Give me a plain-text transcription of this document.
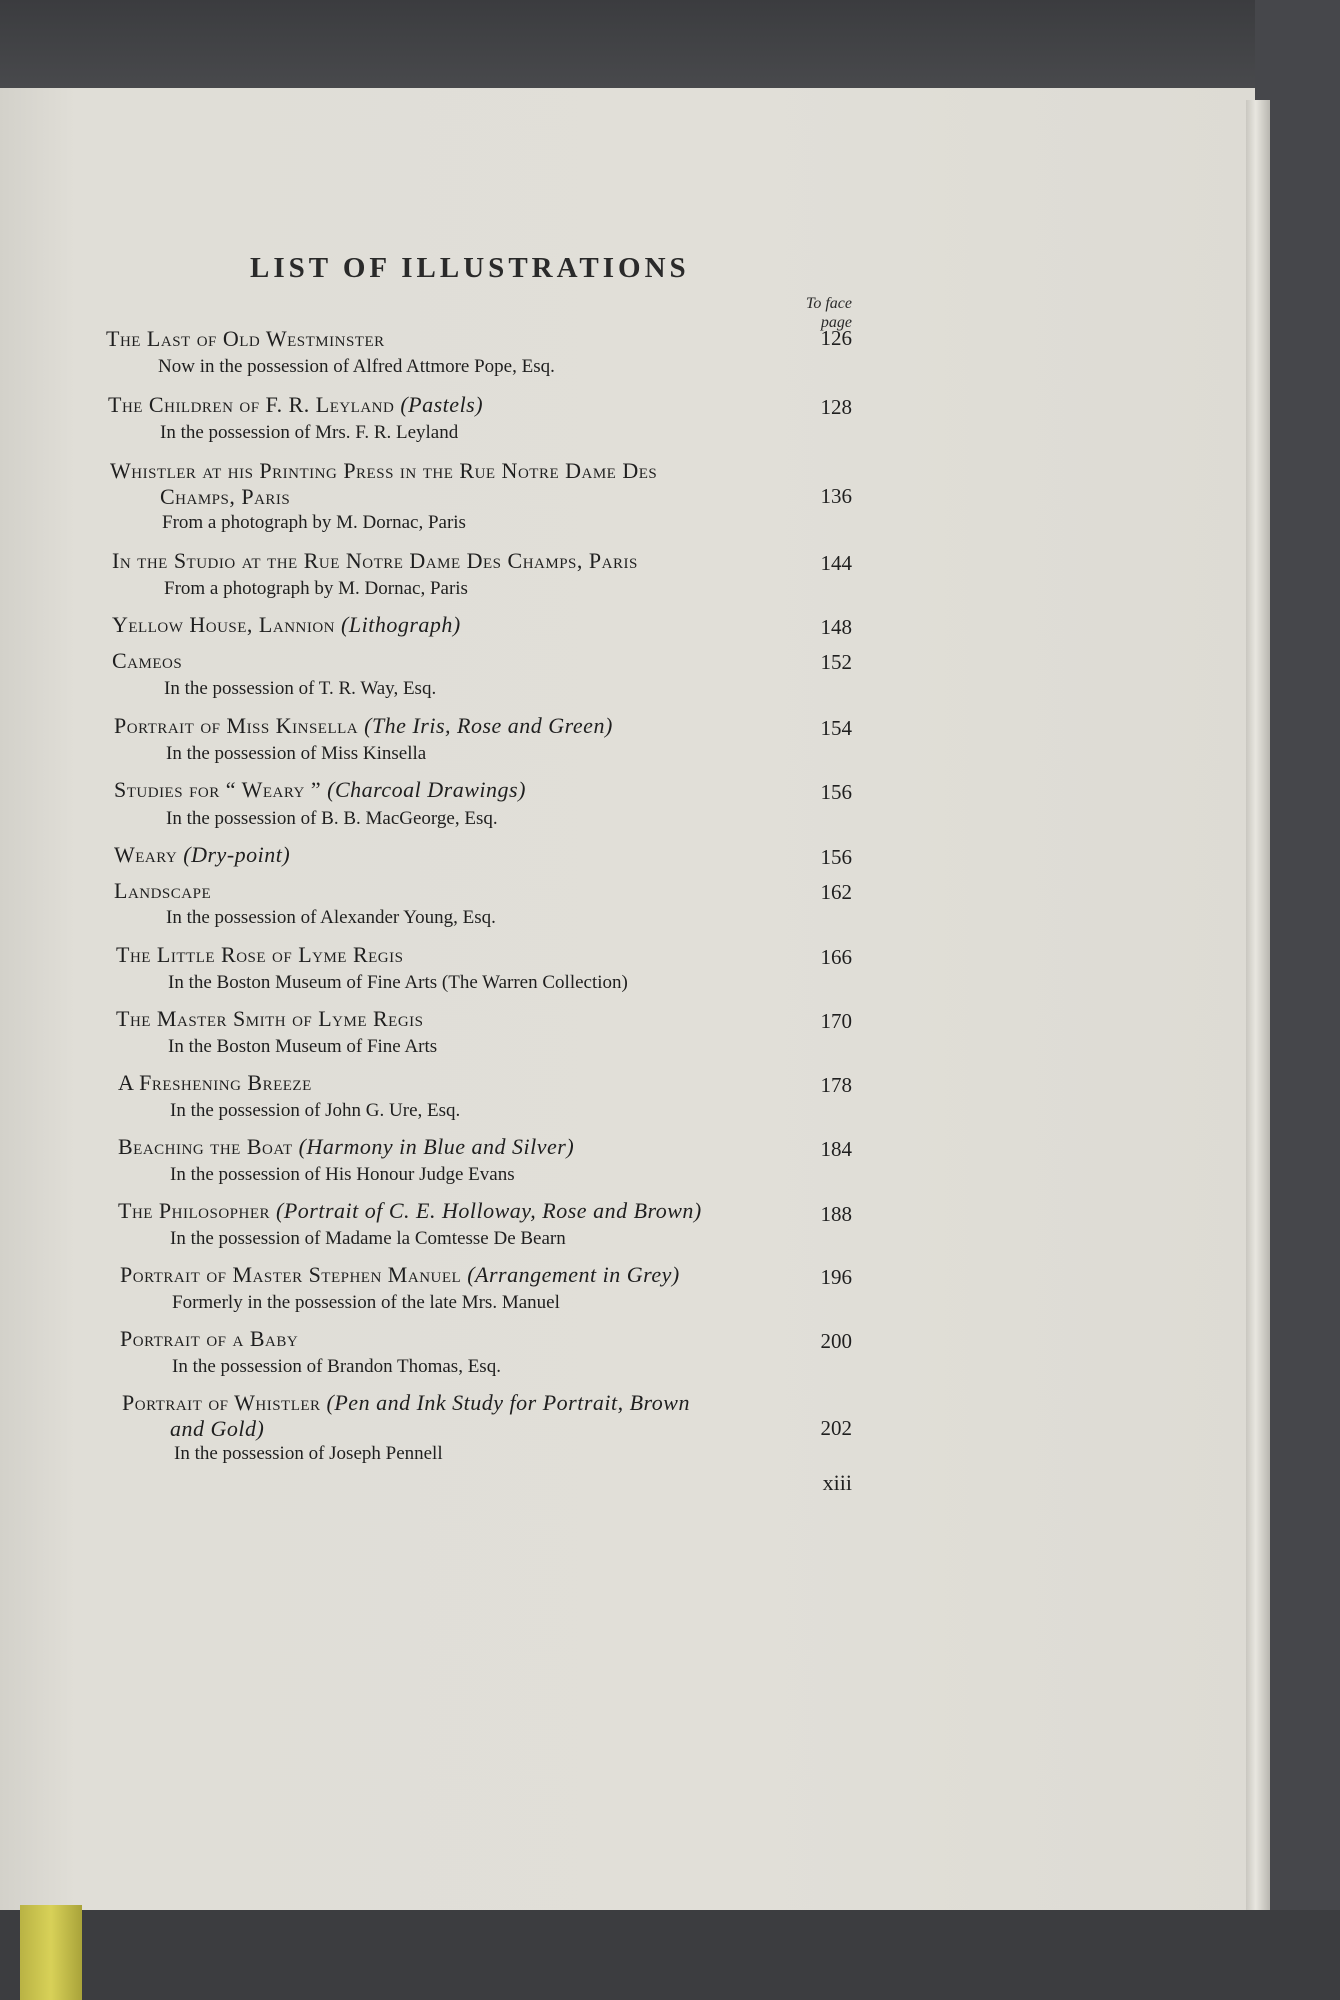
LIST OF ILLUSTRATIONS
To face
page
The Last of Old Westminster
Now in the possession of Alfred Attmore Pope, Esq.
126
The Children of F. R. Leyland (Pastels)
In the possession of Mrs. F. R. Leyland
128
Whistler at his Printing Press in the Rue Notre Dame Des
Champs, Paris
From a photograph by M. Dornac, Paris
136
In the Studio at the Rue Notre Dame Des Champs, Paris
From a photograph by M. Dornac, Paris
144
Yellow House, Lannion (Lithograph)	148
Cameos
In the possession of T. R. Way, Esq.
152
Portrait of Miss Kinsella (The Iris, Rose and Green)
In the possession of Miss Kinsella
154
Studies for “ Weary ” (Charcoal Drawings)
In the possession of B. B. MacGeorge, Esq.
156
Weary (Dry-point)	156
Landscape
In the possession of Alexander Young, Esq.
162
The Little Rose of Lyme Regis
In the Boston Museum of Fine Arts (The Warren Collection)
166
The Master Smith of Lyme Regis
In the Boston Museum of Fine Arts
170
A Freshening Breeze
In the possession of John G. Ure, Esq.
178
Beaching the Boat (Harmony in Blue and Silver)
In the possession of His Honour Judge Evans
184
The Philosopher (Portrait of C. E. Holloway, Rose and Brown)
In the possession of Madame la Comtesse De Bearn
188
Portrait of Master Stephen Manuel (Arrangement in Grey)
Formerly in the possession of the late Mrs. Manuel
196
Portrait of a Baby
In the possession of Brandon Thomas, Esq.
200
Portrait of Whistler (Pen and Ink Study for Portrait, Brown
and Gold)
In the possession of Joseph Pennell
202
xiii
